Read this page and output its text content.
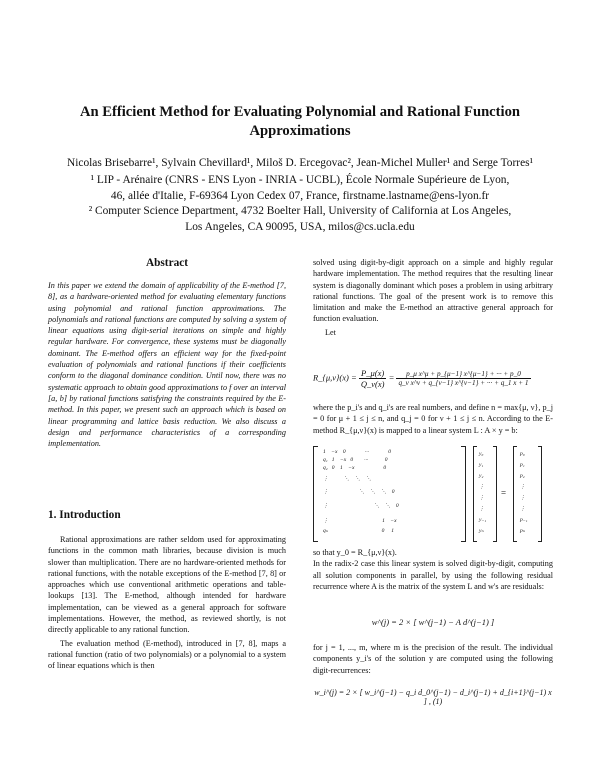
An Efficient Method for Evaluating Polynomial and Rational Function Approximations
Nicolas Brisebarre¹, Sylvain Chevillard¹, Miloš D. Ercegovac², Jean-Michel Muller¹ and Serge Torres¹
¹ LIP - Arénaire (CNRS - ENS Lyon - INRIA - UCBL), École Normale Supérieure de Lyon,
46, allée d'Italie, F-69364 Lyon Cedex 07, France, firstname.lastname@ens-lyon.fr
² Computer Science Department, 4732 Boelter Hall, University of California at Los Angeles,
Los Angeles, CA 90095, USA, milos@cs.ucla.edu
Abstract
In this paper we extend the domain of applicability of the E-method [7, 8], as a hardware-oriented method for evaluating elementary functions using polynomial and rational function approximations. The polynomials and rational functions are computed by solving a system of linear equations using digit-serial iterations on simple and highly regular hardware. For convergence, these systems must be diagonally dominant. The E-method offers an efficient way for the fixed-point evaluation of polynomials and rational functions if their coefficients conform to the diagonal dominance condition. Until now, there was no systematic approach to obtain good approximations to f over an interval [a, b] by rational functions satisfying the constraints required by the E-method. In this paper, we present such an approach which is based on linear programming and lattice basis reduction. We also discuss a design and performance characteristics of a corresponding implementation.
1. Introduction

Rational approximations are rather seldom used for approximating functions in the common math libraries, because division is much slower than multiplication. There are no hardware-oriented methods for rational functions, with the notable exceptions of the E-method [7, 8] or approaches which use conventional arithmetic operations and table-lookups [13]. The E-method, although intended for hardware implementation, can be viewed as a general approach for software implementations. However, the method, as reviewed shortly, is not directly applicable to any rational function.

The evaluation method (E-method), introduced in [7, 8], maps a rational function (ratio of two polynomials) or a polynomial to a system of linear equations which is then

solved using digit-by-digit approach on a simple and highly regular hardware implementation. The method requires that the resulting linear system is diagonally dominant which poses a problem in using arbitrary rational functions. The goal of the present work is to remove this limitation and make the E-method an attractive general approach for function evaluation.

Let

R_{μ,ν}(x) = $\frac{P\_\mu(x)}{Q\_\nu(x)} = \frac{\text{p\_μ x\textasciicircum{}μ + p\_\{μ−1\} x\textasciicircum{}\{μ−1\} + ··· + p\_0}}{\text{q\_ν x\textasciicircum{}ν + q\_\{ν−1\} x\textasciicircum{}\{ν−1\} + ··· + q\_1 x + 1}}$

where the p_i's and q_i's are real numbers, and define n = max{μ, ν}, p_j = 0 for μ + 1 ≤ j ≤ n, and q_j = 0 for ν + 1 ≤ j ≤ n. According to the E-method R_{μ,ν}(x) is mapped to a linear system L : A × y = b:

=
1    −x    0              ···              0
q₁   1    −x   0        ···            0
q₂   0    1    −x                     0
⋮           ⋱    ⋱    ⋱
⋮                      ⋱    ⋱    ⋱    0
⋮                                 ⋱    ⋱    0
⋮                                       1    −x
qₙ                                       0     1
y₀
y₁
y₂
⋮
⋮
⋮
y₋₁
yₙ
p₀
p₁
p₂
⋮
⋮
⋮
p₋₁
pₙ

so that y_0 = R_{μ,ν}(x).

In the radix-2 case this linear system is solved digit-by-digit, computing all solution components in parallel, by using the following residual recurrence where A is the matrix of the system L and w's are residuals:

w^(j) = 2 × [ w^(j−1) − A d^(j−1) ]

for j = 1, ..., m, where m is the precision of the result. The individual components y_i's of the solution y are computed using the following digit-recurrences:

w_i^(j) = 2 × [ w_i^(j−1) − q_i d_0^(j−1) − d_i^(j−1) + d_{i+1}^(j−1) x ] , (1)
